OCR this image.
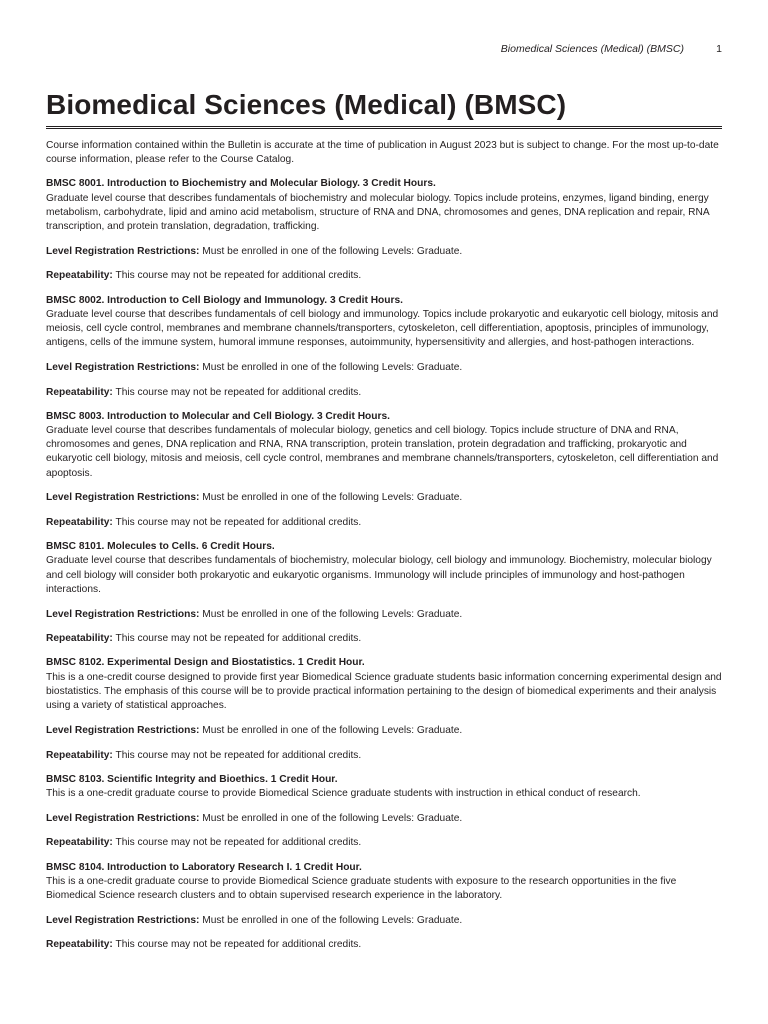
Biomedical Sciences (Medical) (BMSC)	1
Biomedical Sciences (Medical) (BMSC)

Course information contained within the Bulletin is accurate at the time of publication in August 2023 but is subject to change. For the most up-to-date course information, please refer to the Course Catalog.

BMSC 8001. Introduction to Biochemistry and Molecular Biology. 3 Credit Hours.

Graduate level course that describes fundamentals of biochemistry and molecular biology. Topics include proteins, enzymes, ligand binding, energy metabolism, carbohydrate, lipid and amino acid metabolism, structure of RNA and DNA, chromosomes and genes, DNA replication and repair, RNA transcription, and protein translation, degradation, trafficking.

Level Registration Restrictions: Must be enrolled in one of the following Levels: Graduate.

Repeatability: This course may not be repeated for additional credits.

BMSC 8002. Introduction to Cell Biology and Immunology. 3 Credit Hours.

Graduate level course that describes fundamentals of cell biology and immunology. Topics include prokaryotic and eukaryotic cell biology, mitosis and meiosis, cell cycle control, membranes and membrane channels/transporters, cytoskeleton, cell differentiation, apoptosis, principles of immunology, antigens, cells of the immune system, humoral immune responses, autoimmunity, hypersensitivity and allergies, and host-pathogen interactions.

Level Registration Restrictions: Must be enrolled in one of the following Levels: Graduate.

Repeatability: This course may not be repeated for additional credits.

BMSC 8003. Introduction to Molecular and Cell Biology. 3 Credit Hours.

Graduate level course that describes fundamentals of molecular biology, genetics and cell biology. Topics include structure of DNA and RNA, chromosomes and genes, DNA replication and RNA, RNA transcription, protein translation, protein degradation and trafficking, prokaryotic and eukaryotic cell biology, mitosis and meiosis, cell cycle control, membranes and membrane channels/transporters, cytoskeleton, cell differentiation and apoptosis.

Level Registration Restrictions: Must be enrolled in one of the following Levels: Graduate.

Repeatability: This course may not be repeated for additional credits.

BMSC 8101. Molecules to Cells. 6 Credit Hours.

Graduate level course that describes fundamentals of biochemistry, molecular biology, cell biology and immunology. Biochemistry, molecular biology and cell biology will consider both prokaryotic and eukaryotic organisms. Immunology will include principles of immunology and host-pathogen interactions.

Level Registration Restrictions: Must be enrolled in one of the following Levels: Graduate.

Repeatability: This course may not be repeated for additional credits.

BMSC 8102. Experimental Design and Biostatistics. 1 Credit Hour.

This is a one-credit course designed to provide first year Biomedical Science graduate students basic information concerning experimental design and biostatistics. The emphasis of this course will be to provide practical information pertaining to the design of biomedical experiments and their analysis using a variety of statistical approaches.

Level Registration Restrictions: Must be enrolled in one of the following Levels: Graduate.

Repeatability: This course may not be repeated for additional credits.

BMSC 8103. Scientific Integrity and Bioethics. 1 Credit Hour.

This is a one-credit graduate course to provide Biomedical Science graduate students with instruction in ethical conduct of research.

Level Registration Restrictions: Must be enrolled in one of the following Levels: Graduate.

Repeatability: This course may not be repeated for additional credits.

BMSC 8104. Introduction to Laboratory Research I. 1 Credit Hour.

This is a one-credit graduate course to provide Biomedical Science graduate students with exposure to the research opportunities in the five Biomedical Science research clusters and to obtain supervised research experience in the laboratory.

Level Registration Restrictions: Must be enrolled in one of the following Levels: Graduate.

Repeatability: This course may not be repeated for additional credits.
